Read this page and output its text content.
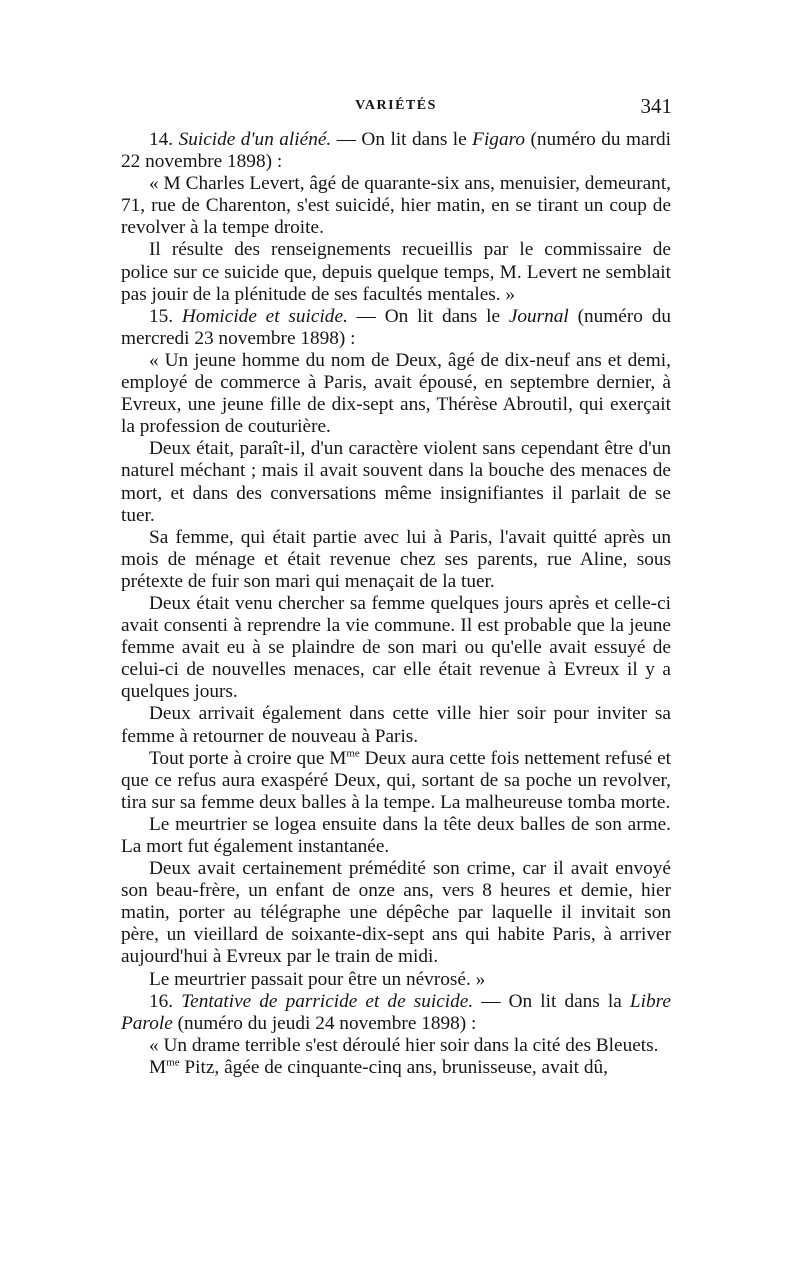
VARIÉTÉS	341

14. Suicide d'un aliéné. — On lit dans le Figaro (numéro du mardi 22 novembre 1898) :

« M Charles Levert, âgé de quarante-six ans, menuisier, demeurant, 71, rue de Charenton, s'est suicidé, hier matin, en se tirant un coup de revolver à la tempe droite.

Il résulte des renseignements recueillis par le commissaire de police sur ce suicide que, depuis quelque temps, M. Levert ne semblait pas jouir de la plénitude de ses facultés mentales. »

15. Homicide et suicide. — On lit dans le Journal (numéro du mercredi 23 novembre 1898) :

« Un jeune homme du nom de Deux, âgé de dix-neuf ans et demi, employé de commerce à Paris, avait épousé, en septembre dernier, à Evreux, une jeune fille de dix-sept ans, Thérèse Abroutil, qui exerçait la profession de couturière.

Deux était, paraît-il, d'un caractère violent sans cependant être d'un naturel méchant ; mais il avait souvent dans la bouche des menaces de mort, et dans des conversations même insignifiantes il parlait de se tuer.

Sa femme, qui était partie avec lui à Paris, l'avait quitté après un mois de ménage et était revenue chez ses parents, rue Aline, sous prétexte de fuir son mari qui menaçait de la tuer.

Deux était venu chercher sa femme quelques jours après et celle-ci avait consenti à reprendre la vie commune. Il est probable que la jeune femme avait eu à se plaindre de son mari ou qu'elle avait essuyé de celui-ci de nouvelles menaces, car elle était revenue à Evreux il y a quelques jours.

Deux arrivait également dans cette ville hier soir pour inviter sa femme à retourner de nouveau à Paris.

Tout porte à croire que $M^{me}$ Deux aura cette fois nettement refusé et que ce refus aura exaspéré Deux, qui, sortant de sa poche un revolver, tira sur sa femme deux balles à la tempe. La malheureuse tomba morte.

Le meurtrier se logea ensuite dans la tête deux balles de son arme. La mort fut également instantanée.

Deux avait certainement prémédité son crime, car il avait envoyé son beau-frère, un enfant de onze ans, vers 8 heures et demie, hier matin, porter au télégraphe une dépêche par laquelle il invitait son père, un vieillard de soixante-dix-sept ans qui habite Paris, à arriver aujourd'hui à Evreux par le train de midi.

Le meurtrier passait pour être un névrosé. »

16. Tentative de parricide et de suicide. — On lit dans la Libre Parole (numéro du jeudi 24 novembre 1898) :

« Un drame terrible s'est déroulé hier soir dans la cité des Bleuets.

$M^{me}$ Pitz, âgée de cinquante-cinq ans, brunisseuse, avait dû,
